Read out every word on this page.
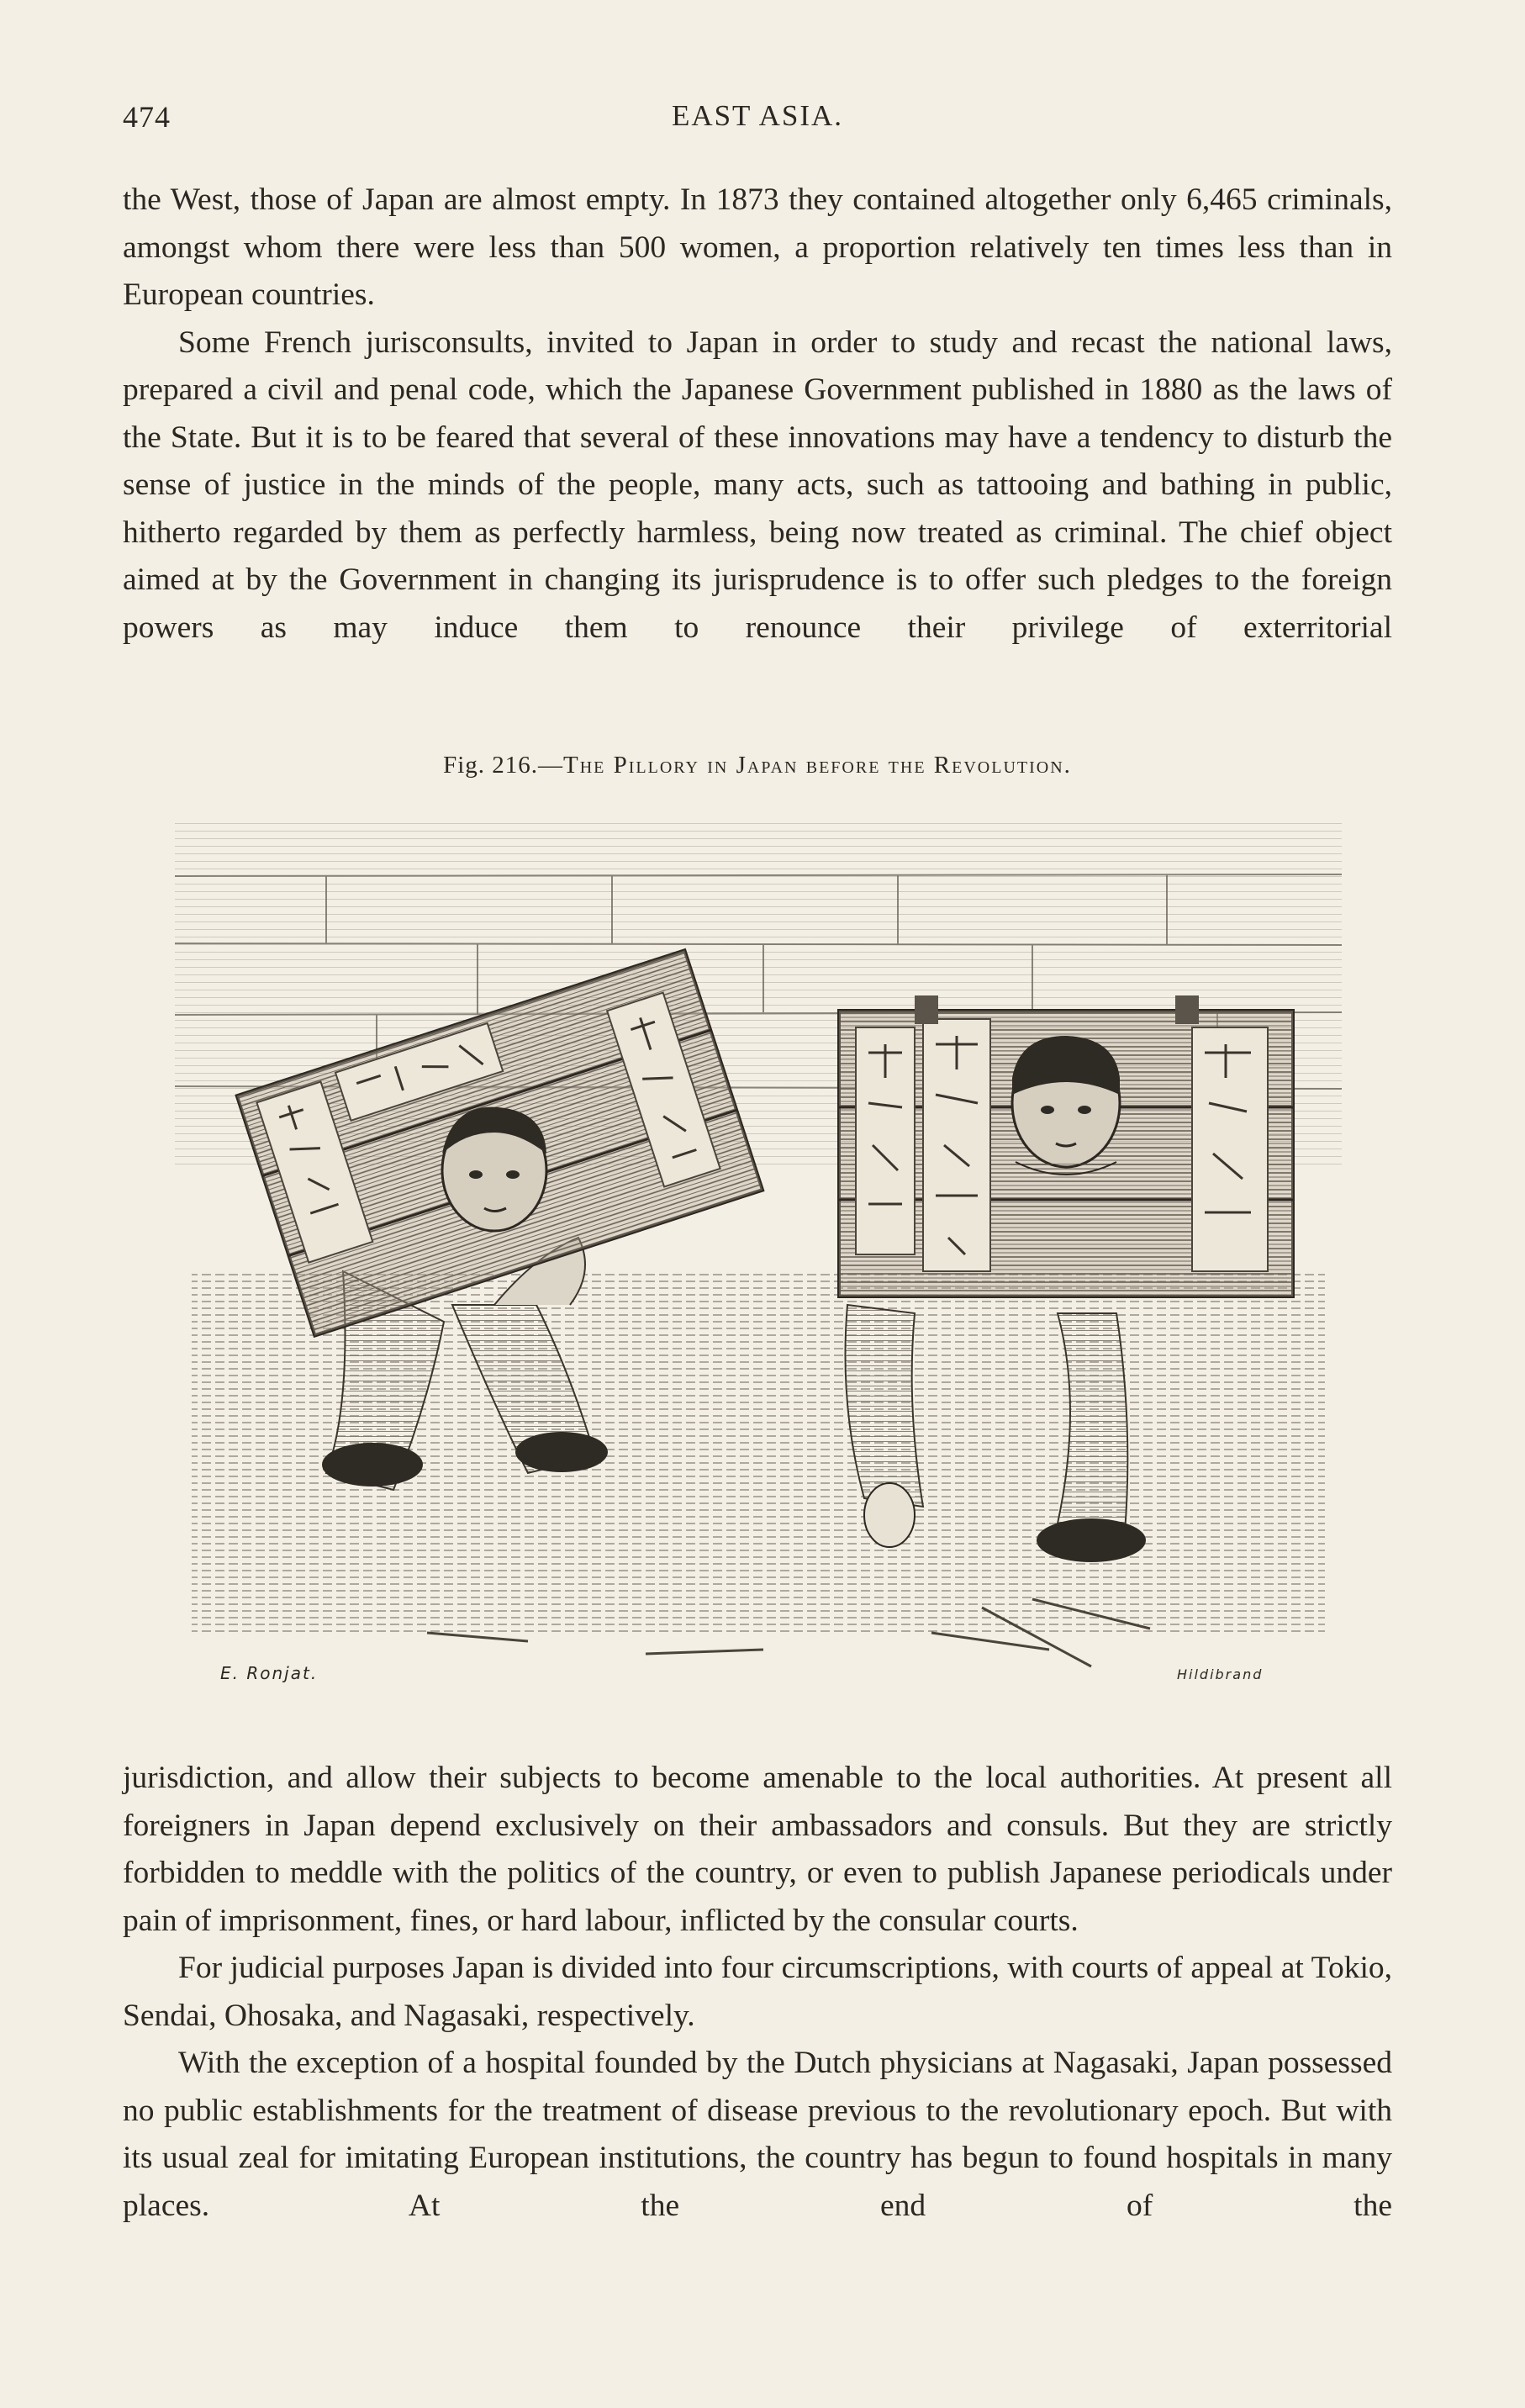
474	EAST ASIA.

the West, those of Japan are almost empty. In 1873 they contained altogether only 6,465 criminals, amongst whom there were less than 500 women, a proportion relatively ten times less than in European countries.

Some French jurisconsults, invited to Japan in order to study and recast the national laws, prepared a civil and penal code, which the Japanese Government published in 1880 as the laws of the State. But it is to be feared that several of these innovations may have a tendency to disturb the sense of justice in the minds of the people, many acts, such as tattooing and bathing in public, hitherto regarded by them as perfectly harmless, being now treated as criminal. The chief object aimed at by the Government in changing its jurisprudence is to offer such pledges to the foreign powers as may induce them to renounce their privilege of exterritorial

Fig. 216.—The Pillory in Japan before the Revolution.
E. Ronjat.	Hildibrand

jurisdiction, and allow their subjects to become amenable to the local authorities. At present all foreigners in Japan depend exclusively on their ambassadors and consuls. But they are strictly forbidden to meddle with the politics of the country, or even to publish Japanese periodicals under pain of imprisonment, fines, or hard labour, inflicted by the consular courts.

For judicial purposes Japan is divided into four circumscriptions, with courts of appeal at Tokio, Sendai, Ohosaka, and Nagasaki, respectively.

With the exception of a hospital founded by the Dutch physicians at Nagasaki, Japan possessed no public establishments for the treatment of disease previous to the revolutionary epoch. But with its usual zeal for imitating European institutions, the country has begun to found hospitals in many places. At the end of the
